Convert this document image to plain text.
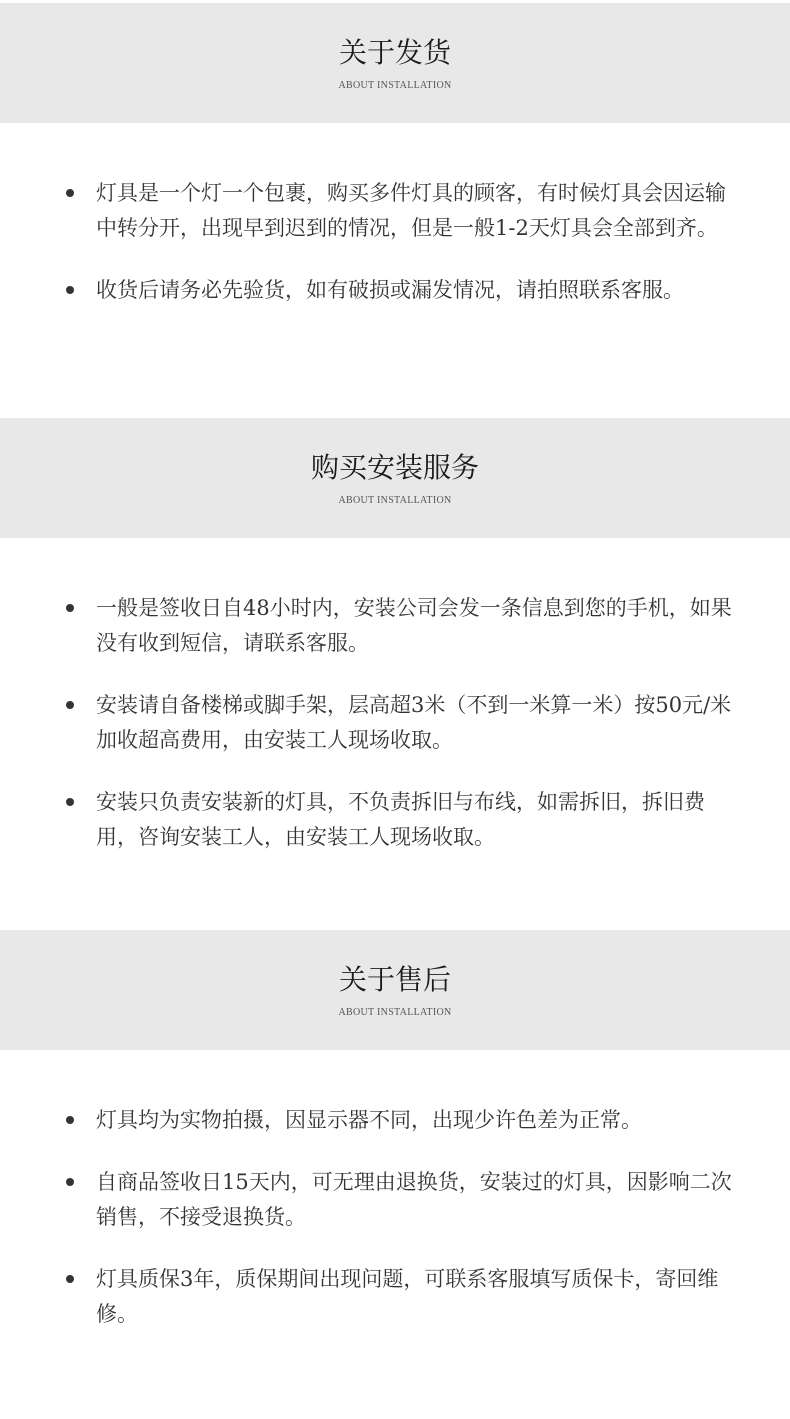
关于发货
ABOUT INSTALLATION
灯具是一个灯一个包裹，购买多件灯具的顾客，有时候灯具会因运输中转分开，出现早到迟到的情况，但是一般1-2天灯具会全部到齐。
收货后请务必先验货，如有破损或漏发情况，请拍照联系客服。
购买安装服务
ABOUT INSTALLATION
一般是签收日自48小时内，安装公司会发一条信息到您的手机，如果没有收到短信，请联系客服。
安装请自备楼梯或脚手架，层高超3米（不到一米算一米）按50元/米加收超高费用，由安装工人现场收取。
安装只负责安装新的灯具，不负责拆旧与布线，如需拆旧，拆旧费用，咨询安装工人，由安装工人现场收取。
关于售后
ABOUT INSTALLATION
灯具均为实物拍摄，因显示器不同，出现少许色差为正常。
自商品签收日15天内，可无理由退换货，安装过的灯具，因影响二次销售，不接受退换货。
灯具质保3年，质保期间出现问题，可联系客服填写质保卡，寄回维修。
